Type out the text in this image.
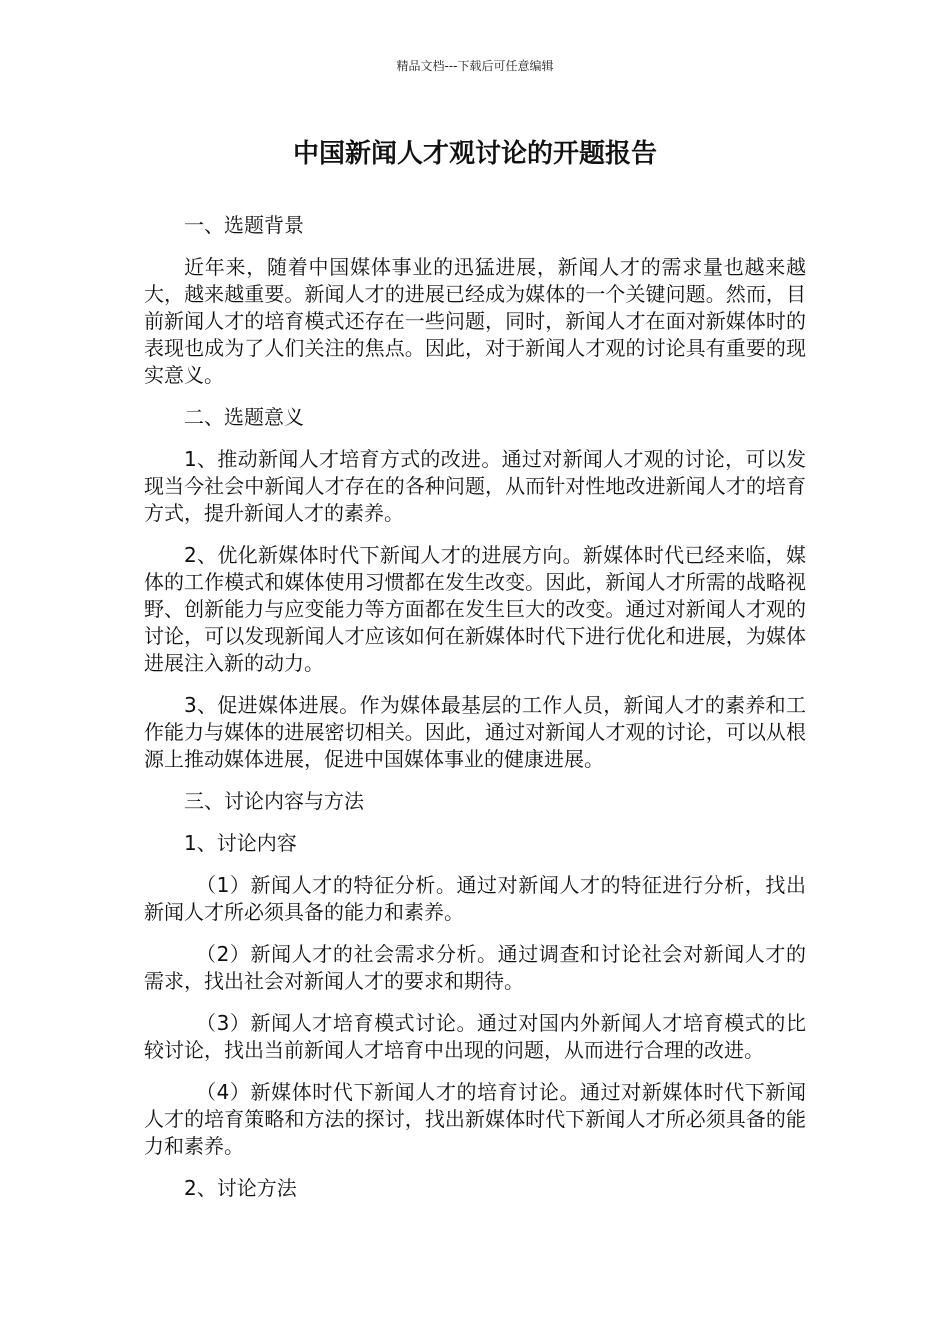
精品文档---下载后可任意编辑
中国新闻人才观讨论的开题报告

一、选题背景

近年来，随着中国媒体事业的迅猛进展，新闻人才的需求量也越来越大，越来越重要。新闻人才的进展已经成为媒体的一个关键问题。然而，目前新闻人才的培育模式还存在一些问题，同时，新闻人才在面对新媒体时的表现也成为了人们关注的焦点。因此，对于新闻人才观的讨论具有重要的现实意义。

二、选题意义

1、推动新闻人才培育方式的改进。通过对新闻人才观的讨论，可以发现当今社会中新闻人才存在的各种问题，从而针对性地改进新闻人才的培育方式，提升新闻人才的素养。

2、优化新媒体时代下新闻人才的进展方向。新媒体时代已经来临，媒体的工作模式和媒体使用习惯都在发生改变。因此，新闻人才所需的战略视野、创新能力与应变能力等方面都在发生巨大的改变。通过对新闻人才观的讨论，可以发现新闻人才应该如何在新媒体时代下进行优化和进展，为媒体进展注入新的动力。

3、促进媒体进展。作为媒体最基层的工作人员，新闻人才的素养和工作能力与媒体的进展密切相关。因此，通过对新闻人才观的讨论，可以从根源上推动媒体进展，促进中国媒体事业的健康进展。

三、讨论内容与方法

1、讨论内容

（1）新闻人才的特征分析。通过对新闻人才的特征进行分析，找出新闻人才所必须具备的能力和素养。

（2）新闻人才的社会需求分析。通过调查和讨论社会对新闻人才的需求，找出社会对新闻人才的要求和期待。

（3）新闻人才培育模式讨论。通过对国内外新闻人才培育模式的比较讨论，找出当前新闻人才培育中出现的问题，从而进行合理的改进。

（4）新媒体时代下新闻人才的培育讨论。通过对新媒体时代下新闻人才的培育策略和方法的探讨，找出新媒体时代下新闻人才所必须具备的能力和素养。

2、讨论方法
